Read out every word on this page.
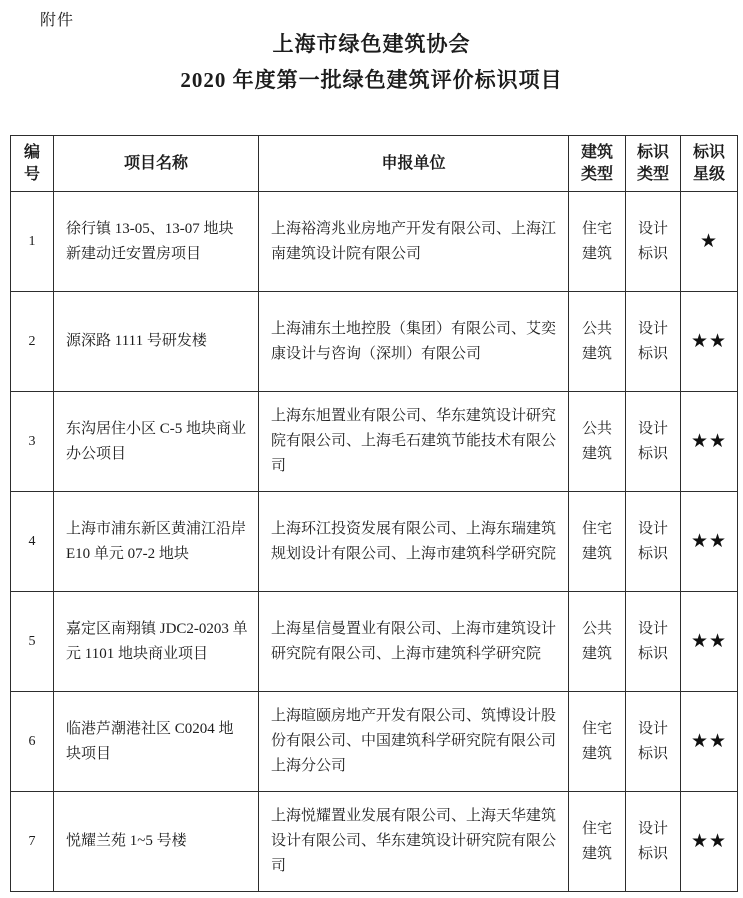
附件
上海市绿色建筑协会
2020 年度第一批绿色建筑评价标识项目
编号	项目名称	申报单位	建筑类型	标识类型	标识星级
1	徐行镇 13-05、13-07 地块新建动迁安置房项目	上海裕湾兆业房地产开发有限公司、上海江南建筑设计院有限公司	住宅建筑	设计标识	★
2	源深路 1111 号研发楼	上海浦东土地控股（集团）有限公司、艾奕康设计与咨询（深圳）有限公司	公共建筑	设计标识	★★
3	东沟居住小区 C-5 地块商业办公项目	上海东旭置业有限公司、华东建筑设计研究院有限公司、上海毛石建筑节能技术有限公司	公共建筑	设计标识	★★
4	上海市浦东新区黄浦江沿岸 E10 单元 07-2 地块	上海环江投资发展有限公司、上海东瑞建筑规划设计有限公司、上海市建筑科学研究院	住宅建筑	设计标识	★★
5	嘉定区南翔镇 JDC2-0203 单元 1101 地块商业项目	上海星信曼置业有限公司、上海市建筑设计研究院有限公司、上海市建筑科学研究院	公共建筑	设计标识	★★
6	临港芦潮港社区 C0204 地块项目	上海暄颐房地产开发有限公司、筑博设计股份有限公司、中国建筑科学研究院有限公司上海分公司	住宅建筑	设计标识	★★
7	悦耀兰苑 1~5 号楼	上海悦耀置业发展有限公司、上海天华建筑设计有限公司、华东建筑设计研究院有限公司	住宅建筑	设计标识	★★
